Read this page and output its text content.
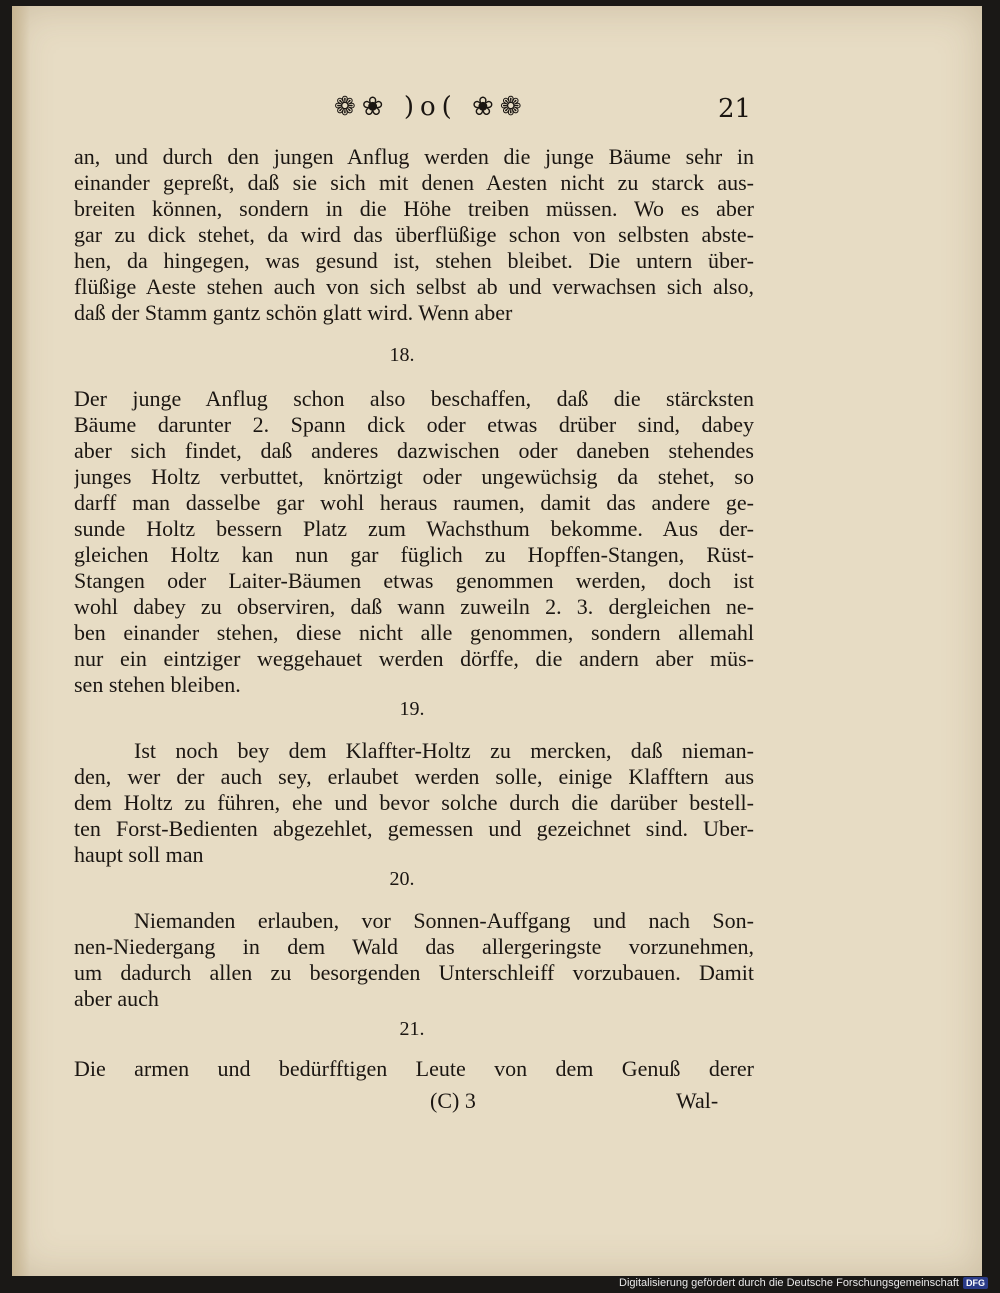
❁❀ )o( ❀❁	21
an, und durch den jungen Anflug werden die junge Bäume sehr in
einander gepreßt, daß sie sich mit denen Aesten nicht zu starck aus-
breiten können, sondern in die Höhe treiben müssen. Wo es aber
gar zu dick stehet, da wird das überflüßige schon von selbsten abste-
hen, da hingegen, was gesund ist, stehen bleibet. Die untern über-
flüßige Aeste stehen auch von sich selbst ab und verwachsen sich also,
daß der Stamm gantz schön glatt wird. Wenn aber
18.
Der junge Anflug schon also beschaffen, daß die stärcksten
Bäume darunter 2. Spann dick oder etwas drüber sind, dabey
aber sich findet, daß anderes dazwischen oder daneben stehendes
junges Holtz verbuttet, knörtzigt oder ungewüchsig da stehet, so
darff man dasselbe gar wohl heraus raumen, damit das andere ge-
sunde Holtz bessern Platz zum Wachsthum bekomme. Aus der-
gleichen Holtz kan nun gar füglich zu Hopffen-Stangen, Rüst-
Stangen oder Laiter-Bäumen etwas genommen werden, doch ist
wohl dabey zu observiren, daß wann zuweiln 2. 3. dergleichen ne-
ben einander stehen, diese nicht alle genommen, sondern allemahl
nur ein eintziger weggehauet werden dörffe, die andern aber müs-
sen stehen bleiben.
19.
Ist noch bey dem Klaffter-Holtz zu mercken, daß nieman-
den, wer der auch sey, erlaubet werden solle, einige Klafftern aus
dem Holtz zu führen, ehe und bevor solche durch die darüber bestell-
ten Forst-Bedienten abgezehlet, gemessen und gezeichnet sind. Uber-
haupt soll man
20.
Niemanden erlauben, vor Sonnen-Auffgang und nach Son-
nen-Niedergang in dem Wald das allergeringste vorzunehmen,
um dadurch allen zu besorgenden Unterschleiff vorzubauen. Damit
aber auch
21.
Die armen und bedürfftigen Leute von dem Genuß derer
(C) 3	Wal-
Digitalisierung gefördert durch die Deutsche Forschungsgemeinschaft DFG
